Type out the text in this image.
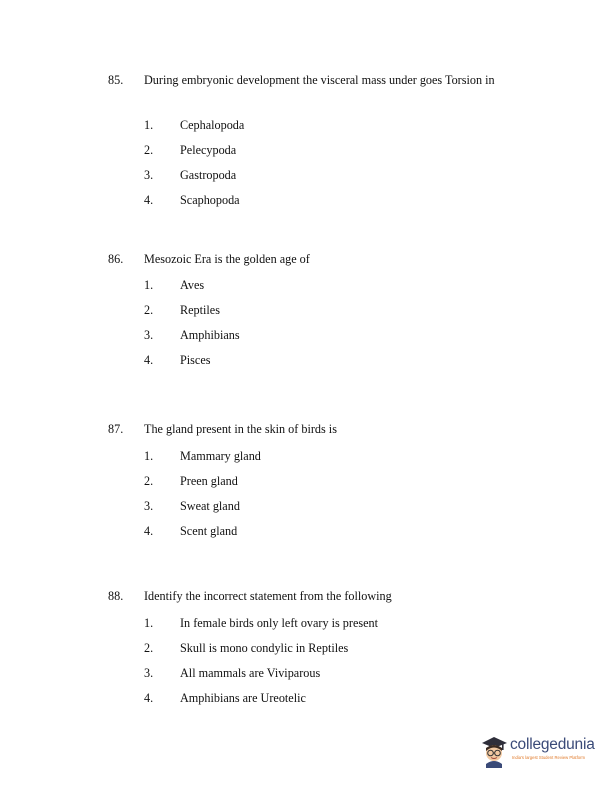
85. During embryonic development the visceral mass under goes Torsion in
1. Cephalopoda
2. Pelecypoda
3. Gastropoda
4. Scaphopoda
86. Mesozoic Era is the golden age of
1. Aves
2. Reptiles
3. Amphibians
4. Pisces
87. The gland present in the skin of birds is
1. Mammary gland
2. Preen gland
3. Sweat gland
4. Scent gland
88. Identify the incorrect statement from the following
1. In female birds only left ovary is present
2. Skull is mono condylic in Reptiles
3. All mammals are Viviparous
4. Amphibians are Ureotelic
collegedunia
India's largest Student Review Platform
